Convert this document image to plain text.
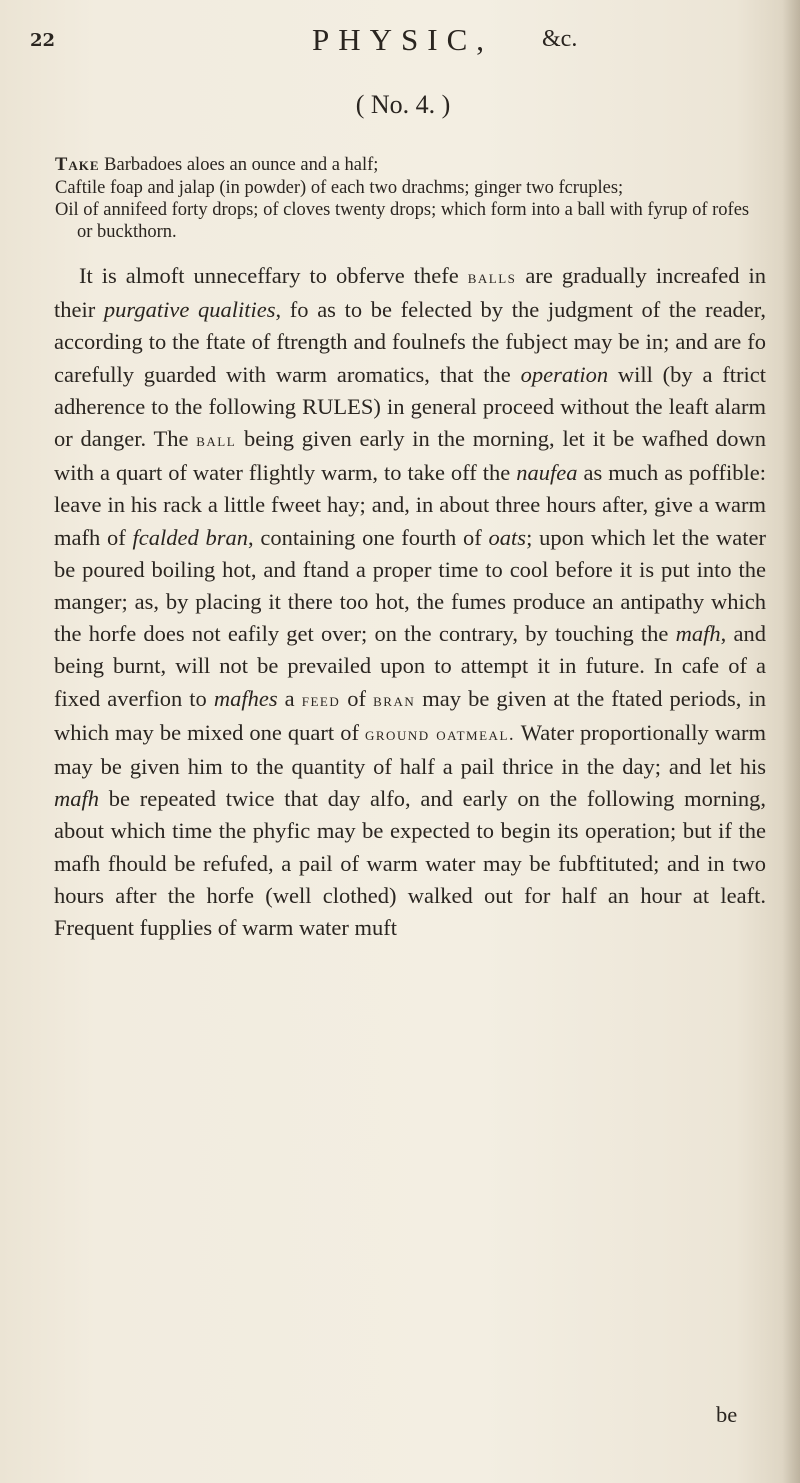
22	PHYSIC, &c.
( No. 4. )

Take Barbadoes aloes an ounce and a half;

Caftile foap and jalap (in powder) of each two drachms; ginger two fcruples;

Oil of annifeed forty drops; of cloves twenty drops; which form into a ball with fyrup of rofes or buckthorn.

It is almoft unneceffary to obferve thefe balls are gradually increafed in their purgative qualities, fo as to be felected by the judgment of the reader, according to the ftate of ftrength and foulnefs the fubject may be in; and are fo carefully guarded with warm aromatics, that the operation will (by a ftrict adherence to the following RULES) in general proceed without the leaft alarm or danger. The ball being given early in the morning, let it be wafhed down with a quart of water flightly warm, to take off the naufea as much as poffible: leave in his rack a little fweet hay; and, in about three hours after, give a warm mafh of fcalded bran, containing one fourth of oats; upon which let the water be poured boiling hot, and ftand a proper time to cool before it is put into the manger; as, by placing it there too hot, the fumes produce an antipathy which the horfe does not eafily get over; on the contrary, by touching the mafh, and being burnt, will not be prevailed upon to attempt it in future. In cafe of a fixed averfion to mafhes a feed of bran may be given at the ftated periods, in which may be mixed one quart of ground oatmeal. Water proportionally warm may be given him to the quantity of half a pail thrice in the day; and let his mafh be repeated twice that day alfo, and early on the following morning, about which time the phyfic may be expected to begin its operation; but if the mafh fhould be refufed, a pail of warm water may be fubftituted; and in two hours after the horfe (well clothed) walked out for half an hour at leaft. Frequent fupplies of warm water muft

be
